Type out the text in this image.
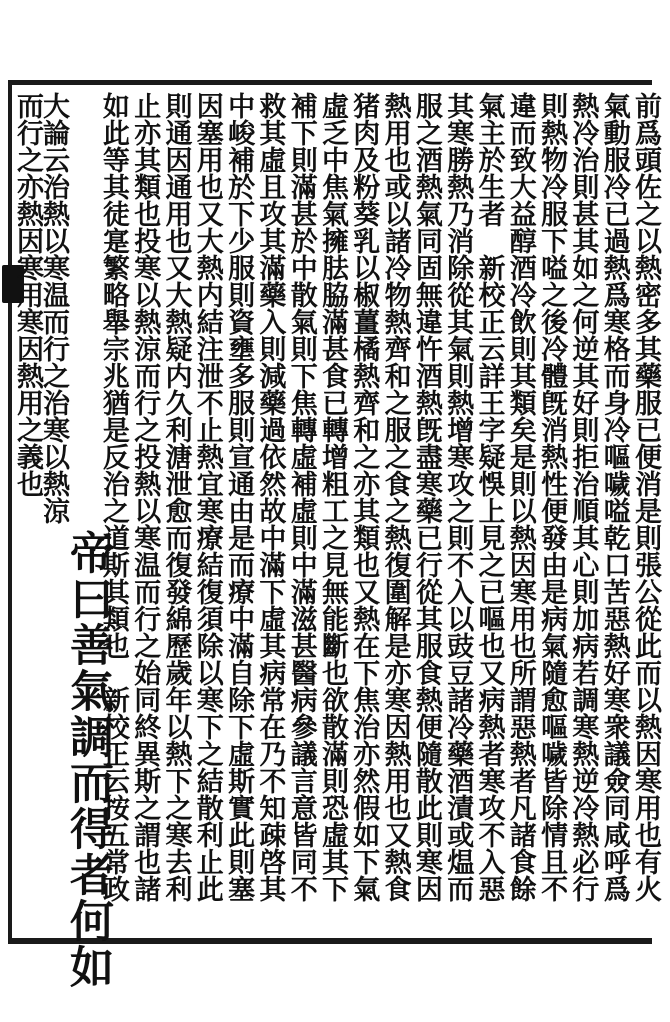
帝曰善氣調而得者何如	前爲頭佐之以熱密多其藥服已便消是則張公從此而以熱因寒用也有火
氣動服冷已過熱爲寒格而身冷嘔噦嗌乾口苦惡熱好寒衆議僉同咸呼爲
熱冷治則甚其如之何逆其好則拒治順其心則加病若調寒熱逆冷熱必行
則熱物冷服下嗌之後冷體旣消熱性便發由是病氣隨愈嘔噦皆除情且不
違而致大益醇酒冷飲則其類矣是則以熱因寒用也所謂惡熱者凡諸食餘
氣主於生者　新校正云詳王字疑悞上見之已嘔也又病熱者寒攻不入惡
其寒勝熱乃消除從其氣則熱增寒攻之則不入以豉豆諸冷藥酒漬或煴而
服之酒熱氣同固無違忤酒熱旣盡寒藥已行從其服食熱便隨散此則寒因
熱用也或以諸冷物熱齊和之服之食之熱復圍解是亦寒因熱用也又熱食
猪肉及粉葵乳以椒薑橘熱齊和之亦其類也又熱在下焦治亦然假如下氣
虛乏中焦氣擁胠脇滿甚食已轉增粗工之見無能斷也欲散滿則恐虛其下
補下則滿甚於中散氣則下焦轉虛補虛則中滿滋甚醫病參議言意皆同不
救其虛且攻其滿藥入則減藥過依然故中滿下虛其病常在乃不知疎啓其
中峻補於下少服則資壅多服則宣通由是而療中滿自除下虛斯實此則塞
因塞用也又大熱内結注泄不止熱宜寒療結復須除以寒下之結散利止此
則通因通用也又大熱疑内久利溏泄愈而復發綿歷歲年以熱下之寒去利
止亦其類也投寒以熱涼而行之投熱以寒温而行之始同終異斯之謂也諸
如此等其徒寔繁略舉宗兆猶是反治之道斯其類也　新校正云按五常政
大論云治熱以寒温而行之治寒以熱涼
而行之亦熱因寒用寒因熱用之義也
